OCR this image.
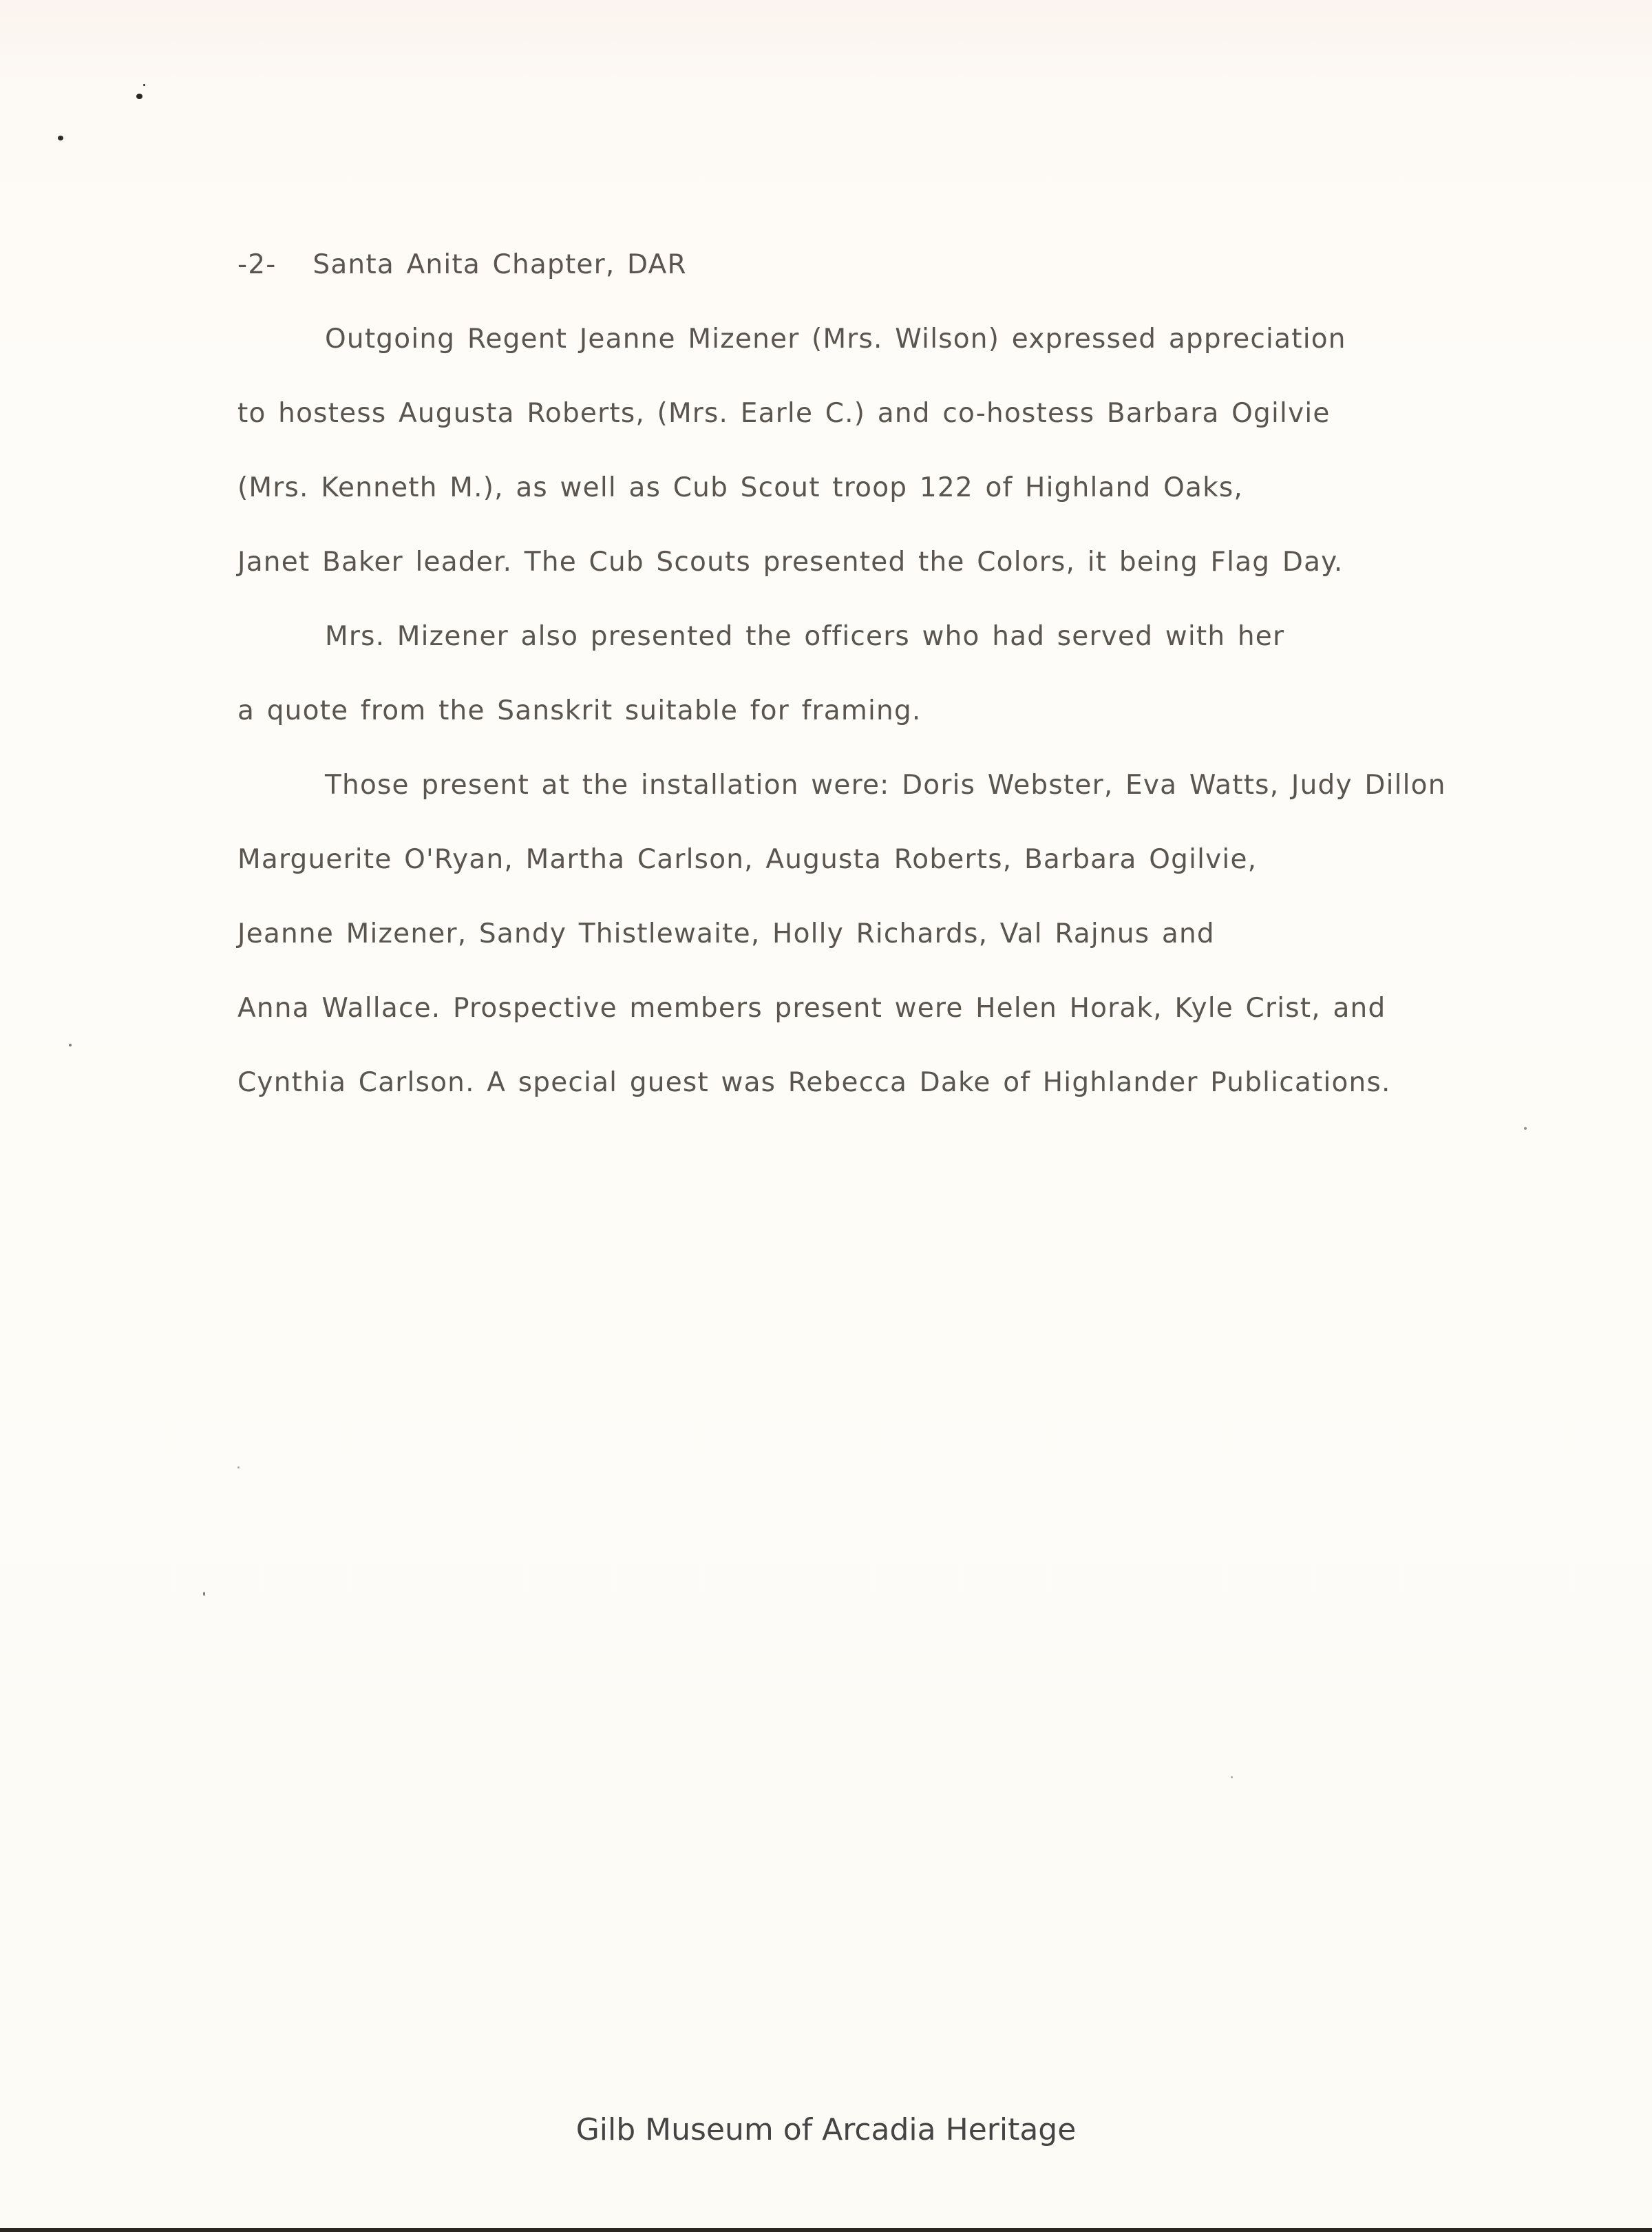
-2- Santa Anita Chapter, DAR
Outgoing Regent Jeanne Mizener (Mrs. Wilson) expressed appreciation
to hostess Augusta Roberts, (Mrs. Earle C.) and co-hostess Barbara Ogilvie
(Mrs. Kenneth M.), as well as Cub Scout troop 122 of Highland Oaks,
Janet Baker leader. The Cub Scouts presented the Colors, it being Flag Day.
Mrs. Mizener also presented the officers who had served with her
a quote from the Sanskrit suitable for framing.
Those present at the installation were: Doris Webster, Eva Watts, Judy Dillon
Marguerite O'Ryan, Martha Carlson, Augusta Roberts, Barbara Ogilvie,
Jeanne Mizener, Sandy Thistlewaite, Holly Richards, Val Rajnus and
Anna Wallace. Prospective members present were Helen Horak, Kyle Crist, and
Cynthia Carlson. A special guest was Rebecca Dake of Highlander Publications.
Gilb Museum of Arcadia Heritage
